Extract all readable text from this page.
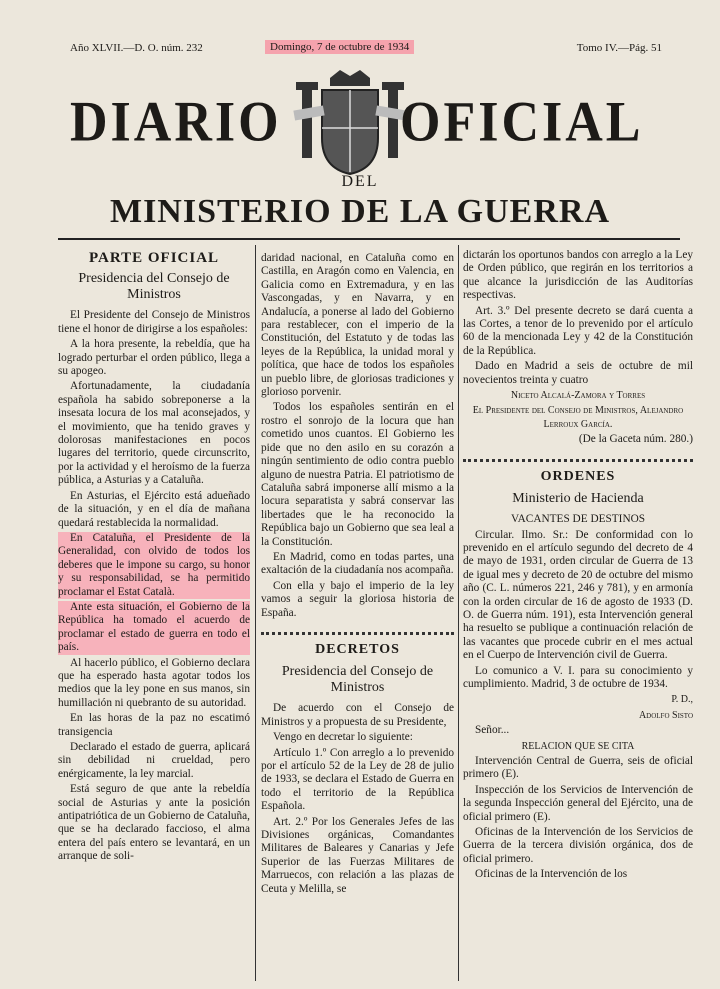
Año XLVII.—D. O. núm. 232	Domingo, 7 de octubre de 1934	Tomo IV.—Pág. 51
DIARIO OFICIAL
DEL
MINISTERIO DE LA GUERRA
PARTE OFICIAL
Presidencia del Consejo de Ministros

El Presidente del Consejo de Ministros tiene el honor de dirigirse a los españoles:

A la hora presente, la rebeldía, que ha logrado perturbar el orden público, llega a su apogeo.

Afortunadamente, la ciudadanía española ha sabido sobreponerse a la insesata locura de los mal aconsejados, y el movimiento, que ha tenido graves y dolorosas manifestaciones en pocos lugares del territorio, quede circunscrito, por la actividad y el heroísmo de la fuerza pública, a Asturias y a Cataluña.

En Asturias, el Ejército está adueñado de la situación, y en el día de mañana quedará restablecida la normalidad.

En Cataluña, el Presidente de la Generalidad, con olvido de todos los deberes que le impone su cargo, su honor y su responsabilidad, se ha permitido proclamar el Estat Català.

Ante esta situación, el Gobierno de la República ha tomado el acuerdo de proclamar el estado de guerra en todo el país.

Al hacerlo público, el Gobierno declara que ha esperado hasta agotar todos los medios que la ley pone en sus manos, sin humillación ni quebranto de su autoridad.

En las horas de la paz no escatimó transigencia

Declarado el estado de guerra, aplicará sin debilidad ni crueldad, pero enérgicamente, la ley marcial.

Está seguro de que ante la rebeldía social de Asturias y ante la posición antipatriótica de un Gobierno de Cataluña, que se ha declarado faccioso, el alma entera del país entero se levantará, en un arranque de soli-

daridad nacional, en Cataluña como en Castilla, en Aragón como en Valencia, en Galicia como en Extremadura, y en las Vascongadas, y en Navarra, y en Andalucía, a ponerse al lado del Gobierno para restablecer, con el imperio de la Constitución, del Estatuto y de todas las leyes de la República, la unidad moral y política, que hace de todos los españoles un pueblo libre, de gloriosas tradiciones y glorioso porvenir.

Todos los españoles sentirán en el rostro el sonrojo de la locura que han cometido unos cuantos. El Gobierno les pide que no den asilo en su corazón a ningún sentimiento de odio contra pueblo alguno de nuestra Patria. El patriotismo de Cataluña sabrá imponerse allí mismo a la locura separatista y sabrá conservar las libertades que le ha reconocido la República bajo un Gobierno que sea leal a la Constitución.

En Madrid, como en todas partes, una exaltación de la ciudadanía nos acompaña.

Con ella y bajo el imperio de la ley vamos a seguir la gloriosa historia de España.

DECRETOS
Presidencia del Consejo de Ministros

De acuerdo con el Consejo de Ministros y a propuesta de su Presidente,

Vengo en decretar lo siguiente:

Artículo 1.º Con arreglo a lo prevenido por el artículo 52 de la Ley de 28 de julio de 1933, se declara el Estado de Guerra en todo el territorio de la República Española.

Art. 2.º Por los Generales Jefes de las Divisiones orgánicas, Comandantes Militares de Baleares y Canarias y Jefe Superior de las Fuerzas Militares de Marruecos, con relación a las plazas de Ceuta y Melilla, se

dictarán los oportunos bandos con arreglo a la Ley de Orden público, que regirán en los territorios a que alcance la jurisdicción de las Auditorías respectivas.

Art. 3.º Del presente decreto se dará cuenta a las Cortes, a tenor de lo prevenido por el artículo 60 de la mencionada Ley y 42 de la Constitución de la República.

Dado en Madrid a seis de octubre de mil novecientos treinta y cuatro

Niceto Alcalá-Zamora y Torres

El Presidente del Consejo de Ministros, Alejandro Lerroux García.

(De la Gaceta núm. 280.)

ORDENES
Ministerio de Hacienda

VACANTES DE DESTINOS

Circular. Ilmo. Sr.: De conformidad con lo prevenido en el artículo segundo del decreto de 4 de mayo de 1931, orden circular de Guerra de 13 de igual mes y decreto de 20 de octubre del mismo año (C. L. números 221, 246 y 781), y en armonía con la orden circular de 16 de agosto de 1933 (D. O. de Guerra núm. 191), esta Intervención general ha resuelto se publique a continuación relación de las vacantes que procede cubrir en el mes actual en el Cuerpo de Intervención civil de Guerra.

Lo comunico a V. I. para su conocimiento y cumplimiento. Madrid, 3 de octubre de 1934.

P. D.,

Adolfo Sisto

Señor...

RELACION QUE SE CITA

Intervención Central de Guerra, seis de oficial primero (E).

Inspección de los Servicios de Intervención de la segunda Inspección general del Ejército, una de oficial primero (E).

Oficinas de la Intervención de los Servicios de Guerra de la tercera división orgánica, dos de oficial primero.

Oficinas de la Intervención de los
